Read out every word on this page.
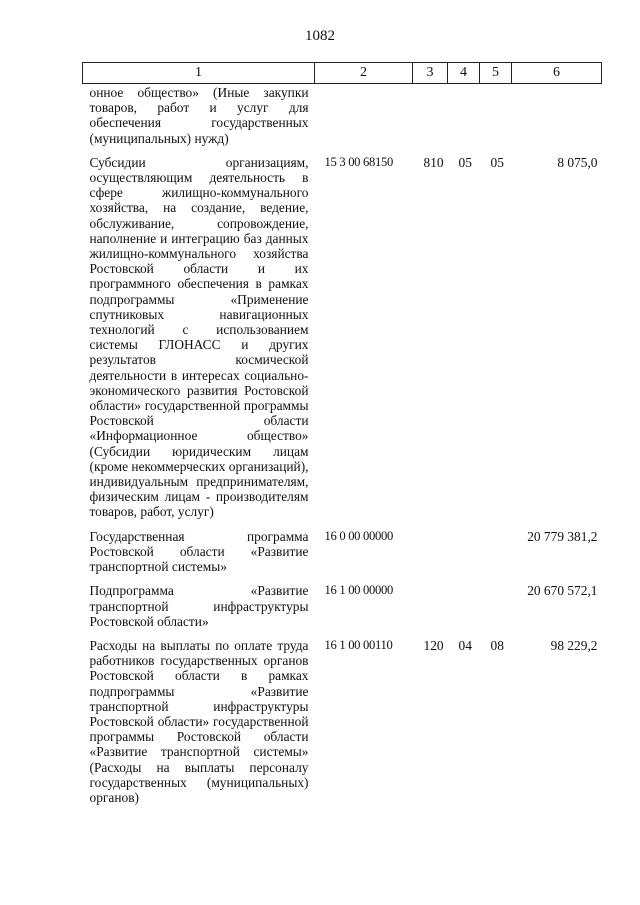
1082
1	2	3	4	5	6
онное общество» (Иные закупки товаров, работ и услуг для обеспечения государственных (муниципальных) нужд)					
Субсидии организациям, осуществляющим деятельность в сфере жилищно-коммунального хозяйства, на создание, ведение, обслуживание, сопровождение, наполнение и интеграцию баз данных жилищно-коммунального хозяйства Ростовской области и их программного обеспечения в рамках подпрограммы «Применение спутниковых навигационных технологий с использованием системы ГЛОНАСС и других результатов космической деятельности в интересах социально-экономического развития Ростовской области» государственной программы Ростовской области «Информационное общество» (Субсидии юридическим лицам (кроме некоммерческих организаций), индивидуальным предпринимателям, физическим лицам - производителям товаров, работ, услуг)	15 3 00 68150	810	05	05	8 075,0
Государственная программа Ростовской области «Развитие транспортной системы»	16 0 00 00000				20 779 381,2
Подпрограмма «Развитие транспортной инфраструктуры Ростовской области»	16 1 00 00000				20 670 572,1
Расходы на выплаты по оплате труда работников государственных органов Ростовской области в рамках подпрограммы «Развитие транспортной инфраструктуры Ростовской области» государственной программы Ростовской области «Развитие транспортной системы» (Расходы на выплаты персоналу государственных (муниципальных) органов)	16 1 00 00110	120	04	08	98 229,2
